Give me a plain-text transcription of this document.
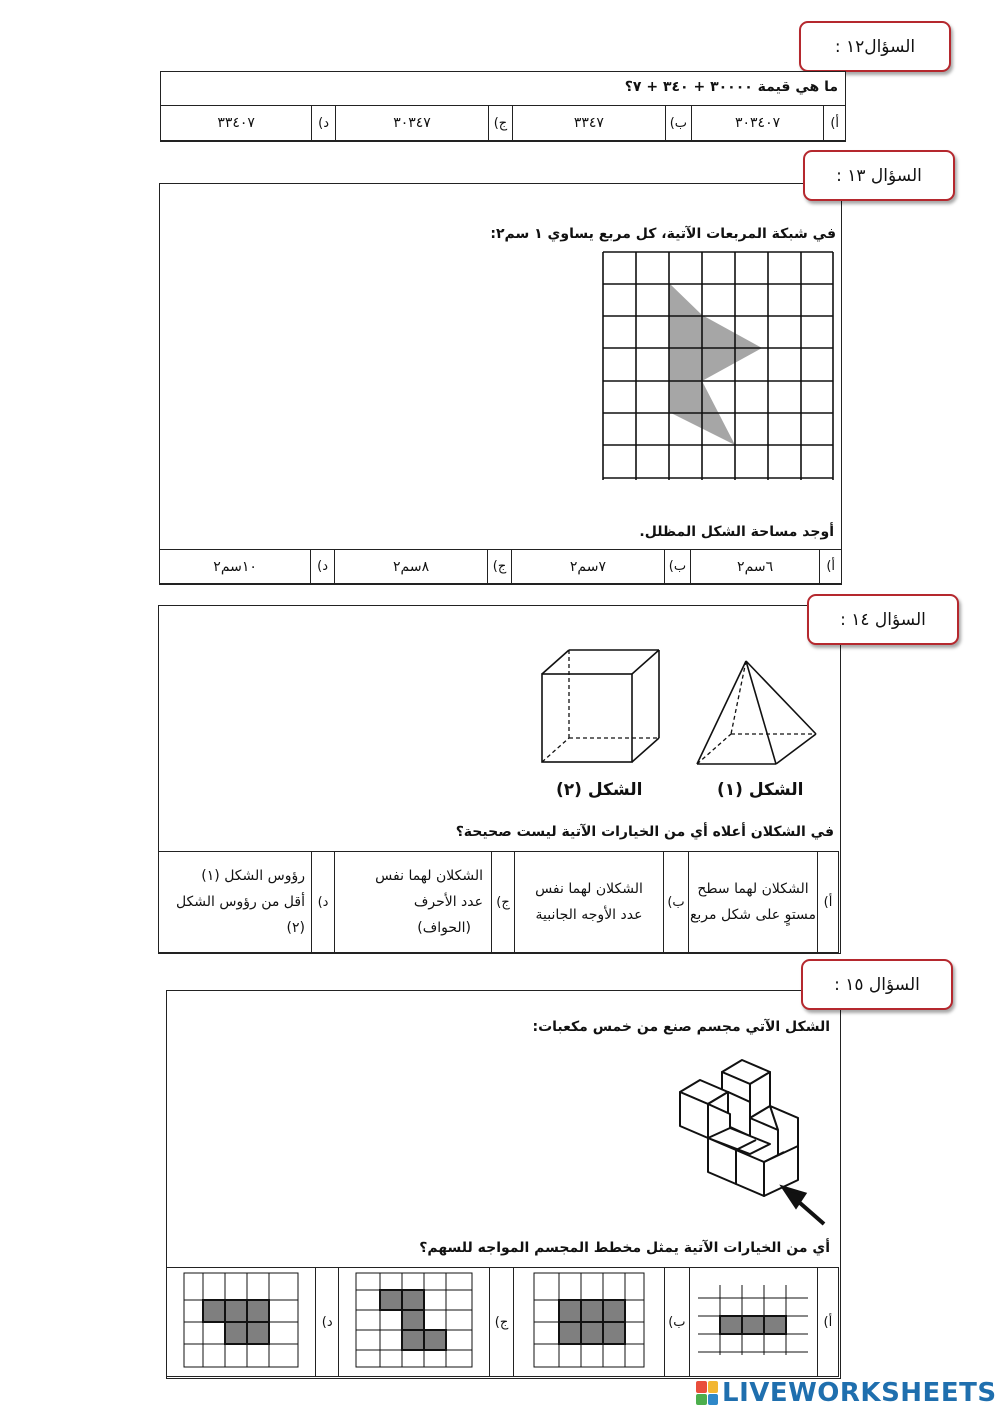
السؤال١٢ :
ما هي قيمة ٣٠٠٠٠ + ٣٤٠ + ٧؟
أ)	٣٠٣٤٠٧	ب)	٣٣٤٧	ج)	٣٠٣٤٧	د)	٣٣٤٠٧
السؤال ١٣ :
في شبكة المربعات الآتية، كل مربع يساوي ١ سم٢:
أوجد مساحة الشكل المظلل.
أ)	٦سم٢	ب)	٧سم٢	ج)	٨سم٢	د)	١٠سم٢
السؤال ١٤ :
الشكل (٢)	الشكل (١)
في الشكلان أعلاه أي من الخيارات الآتية ليست صحيحة؟
أ)	
الشكلان لهما سطح
مستوٍ على شكل مربع
	ب)	
الشكلان لهما نفس
عدد الأوجه الجانبية
	ج)	
الشكلان لهما نفس
عدد الأحرف
(الحواف)
	د)	
رؤوس الشكل (١)
أقل من رؤوس الشكل
(٢)
السؤال ١٥ :
الشكل الآتي مجسم صنع من خمس مكعبات:
أي من الخيارات الآتية يمثل مخطط المجسم المواجه للسهم؟
أ)		ب)		ج)		د)	
LIVEWORKSHEETS
